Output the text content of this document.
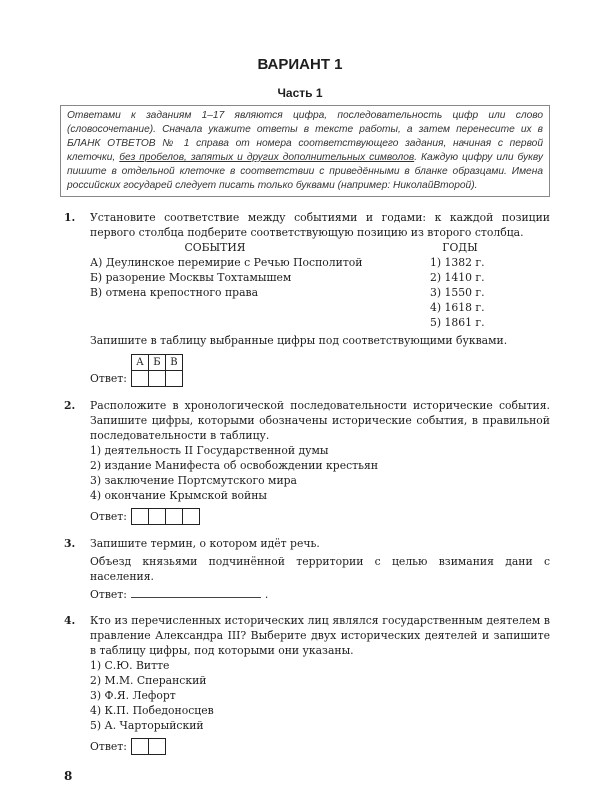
ВАРИАНТ 1
Часть 1
Ответами к заданиям 1–17 являются цифра, последовательность цифр или слово (словосочетание). Сначала укажите ответы в тексте работы, а затем перенесите их в БЛАНК ОТВЕТОВ № 1 справа от номера соответствующего задания, начиная с первой клеточки, без пробелов, запятых и других дополнительных символов. Каждую цифру или букву пишите в отдельной клеточке в соответствии с приведёнными в бланке образцами. Имена российских государей следует писать только буквами (например: НиколайВторой).
1. Установите соответствие между событиями и годами: к каждой позиции первого столбца подберите соответствующую позицию из второго столбца.
СОБЫТИЯ
А) Деулинское перемирие с Речью Посполитой
Б) разорение Москвы Тохтамышем
В) отмена крепостного права
ГОДЫ
1) 1382 г.
2) 1410 г.
3) 1550 г.
4) 1618 г.
5) 1861 г.
Запишите в таблицу выбранные цифры под соответствующими буквами.
Ответ:
А	Б	В

2. Расположите в хронологической последовательности исторические события. Запишите цифры, которыми обозначены исторические события, в правильной последовательности в таблицу.
1) деятельность II Государственной думы
2) издание Манифеста об освобождении крестьян
3) заключение Портсмутского мира
4) окончание Крымской войны
Ответ:

3. Запишите термин, о котором идёт речь.
Объезд князьями подчинённой территории с целью взимания дани с населения.
Ответ:	.
4. Кто из перечисленных исторических лиц являлся государственным деятелем в правление Александра III? Выберите двух исторических деятелей и запишите в таблицу цифры, под которыми они указаны.
1) С.Ю. Витте
2) М.М. Сперанский
3) Ф.Я. Лефорт
4) К.П. Победоносцев
5) А. Чарторыйский
Ответ:

8
